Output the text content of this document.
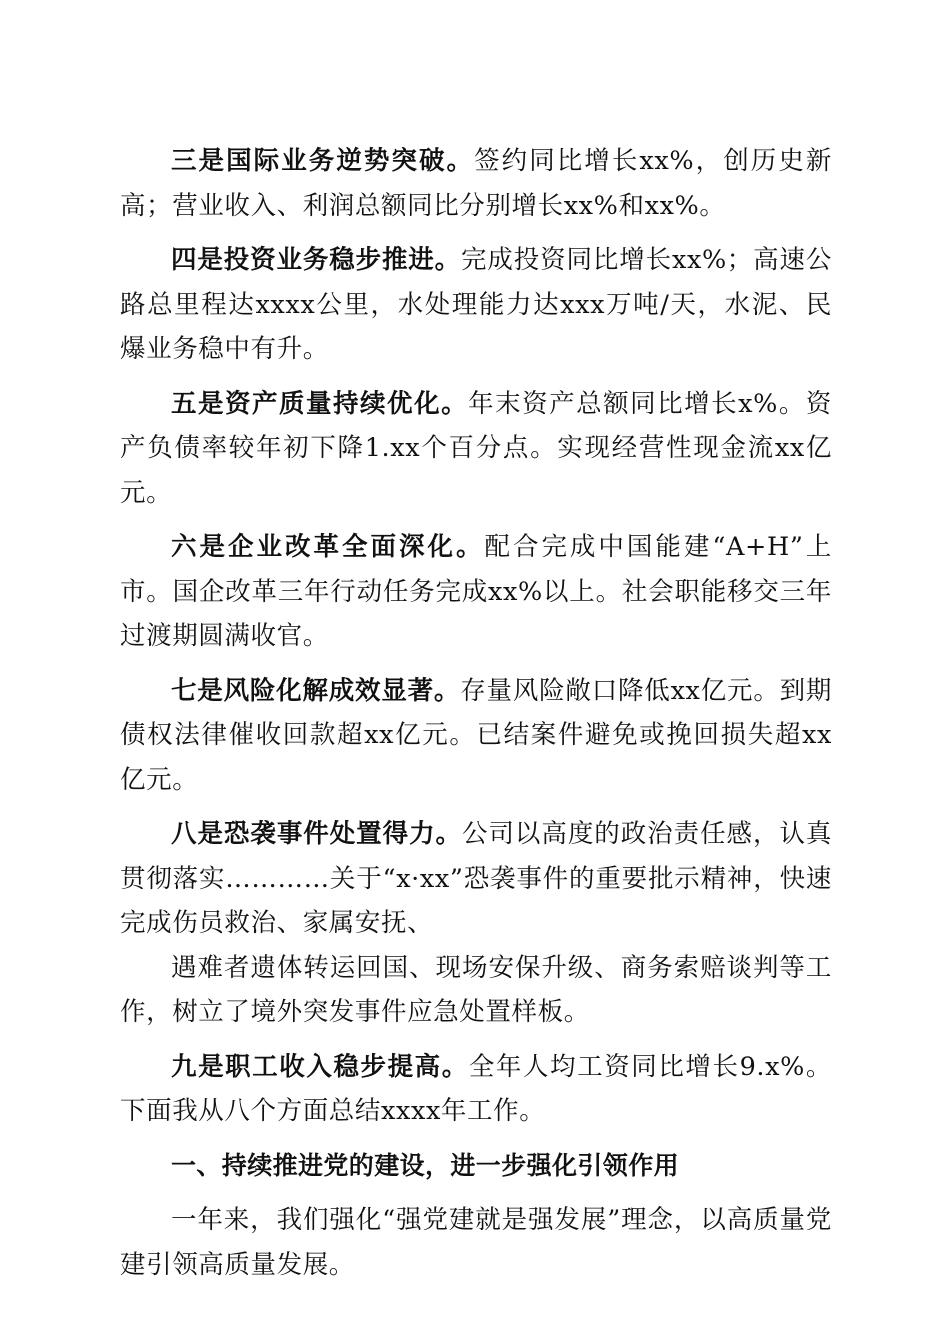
三是国际业务逆势突破。签约同比增长xx%，创历史新高；营业收入、利润总额同比分别增长xx%和xx%。

四是投资业务稳步推进。完成投资同比增长xx%；高速公路总里程达xxxx公里，水处理能力达xxx万吨/天，水泥、民爆业务稳中有升。

五是资产质量持续优化。年末资产总额同比增长x%。资产负债率较年初下降1.xx个百分点。实现经营性现金流xx亿元。

六是企业改革全面深化。配合完成中国能建“A+H”上市。国企改革三年行动任务完成xx%以上。社会职能移交三年过渡期圆满收官。

七是风险化解成效显著。存量风险敞口降低xx亿元。到期债权法律催收回款超xx亿元。已结案件避免或挽回损失超xx亿元。

八是恐袭事件处置得力。公司以高度的政治责任感，认真贯彻落实…………关于“x·xx”恐袭事件的重要批示精神，快速完成伤员救治、家属安抚、

遇难者遗体转运回国、现场安保升级、商务索赔谈判等工作，树立了境外突发事件应急处置样板。

九是职工收入稳步提高。全年人均工资同比增长9.x%。下面我从八个方面总结xxxx年工作。

一、持续推进党的建设，进一步强化引领作用

一年来，我们强化“强党建就是强发展”理念，以高质量党建引领高质量发展。
